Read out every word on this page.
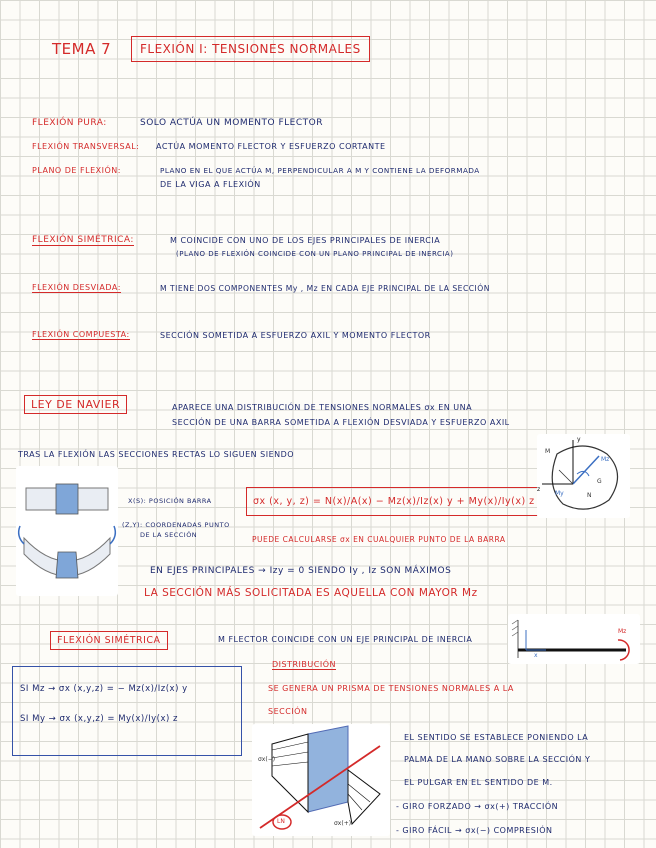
TEMA 7	FLEXIÓN I: TENSIONES NORMALES
FLEXIÓN PURA:	SOLO ACTÚA UN MOMENTO FLECTOR
FLEXIÓN TRANSVERSAL: ACTÚA MOMENTO FLECTOR Y ESFUERZO CORTANTE
PLANO DE FLEXIÓN:	PLANO EN EL QUE ACTÚA M, PERPENDICULAR A M Y CONTIENE LA DEFORMADA
DE LA VIGA A FLEXIÓN
FLEXIÓN SIMÉTRICA:	M COINCIDE CON UNO DE LOS EJES PRINCIPALES DE INERCIA
(PLANO DE FLEXIÓN COINCIDE CON UN PLANO PRINCIPAL DE INERCIA)
FLEXIÓN DESVIADA:	M TIENE DOS COMPONENTES My , Mz EN CADA EJE PRINCIPAL DE LA SECCIÓN
FLEXIÓN COMPUESTA:	SECCIÓN SOMETIDA A ESFUERZO AXIL Y MOMENTO FLECTOR
LEY DE NAVIER	APARECE UNA DISTRIBUCIÓN DE TENSIONES NORMALES σx EN UNA
SECCIÓN DE UNA BARRA SOMETIDA A FLEXIÓN DESVIADA Y ESFUERZO AXIL
TRAS LA FLEXIÓN LAS SECCIONES RECTAS LO SIGUEN SIENDO
X(S): POSICIÓN BARRA
(Z,Y): COORDENADAS PUNTO
DE LA SECCIÓN
σx (x, y, z) = N(x)/A(x) − Mz(x)/Iz(x) y + My(x)/Iy(x) z
PUEDE CALCULARSE σx EN CUALQUIER PUNTO DE LA BARRA
M
Mz
My
G
N
z
y
EN EJES PRINCIPALES → Izy = 0 SIENDO Iy , Iz SON MÁXIMOS
LA SECCIÓN MÁS SOLICITADA ES AQUELLA CON MAYOR Mz
FLEXIÓN SIMÉTRICA	M FLECTOR COINCIDE CON UN EJE PRINCIPAL DE INERCIA
Mz
x
DISTRIBUCIÓN
SE GENERA UN PRISMA DE TENSIONES NORMALES A LA
SECCIÓN
SI Mz → σx (x,y,z) = − Mz(x)/Iz(x) y
SI My → σx (x,y,z) = My(x)/Iy(x) z
σx(−)
σx(+)
LN
EL SENTIDO SE ESTABLECE PONIENDO LA
PALMA DE LA MANO SOBRE LA SECCIÓN Y
EL PULGAR EN EL SENTIDO DE M.
- GIRO FORZADO → σx(+) TRACCIÓN
- GIRO FÁCIL → σx(−) COMPRESIÓN
